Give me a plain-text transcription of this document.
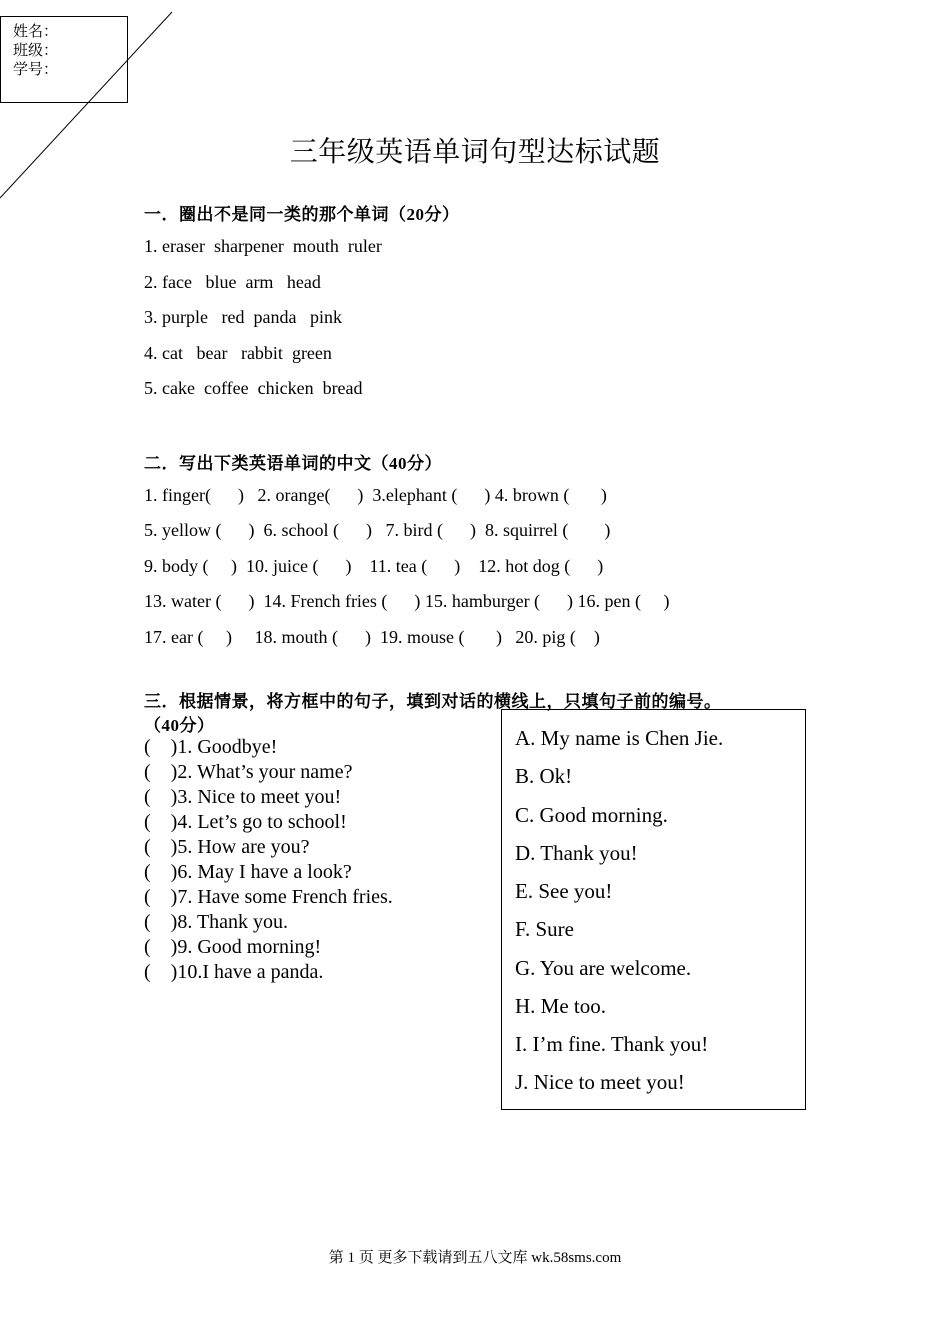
姓名：
班级：
学号：
三年级英语单词句型达标试题
一．圈出不是同一类的那个单词（20分）
1. eraser  sharpener  mouth  ruler
2. face   blue  arm   head
3. purple   red  panda   pink
4. cat   bear   rabbit  green
5. cake  coffee  chicken  bread
二．写出下类英语单词的中文（40分）
1. finger(      )   2. orange(      )  3.elephant (      ) 4. brown (       )
5. yellow (      )  6. school (      )   7. bird (      )  8. squirrel (        )
9. body (     )  10. juice (      )    11. tea (      )    12. hot dog (      )
13. water (      )  14. French fries (      ) 15. hamburger (      ) 16. pen (     )
17. ear (     )     18. mouth (      )  19. mouse (       )   20. pig (    )
三．根据情景，将方框中的句子，填到对话的横线上，只填句子前的编号。
（40分）
(    )1. Goodbye!
(    )2. What’s your name?
(    )3. Nice to meet you!
(    )4. Let’s go to school!
(    )5. How are you?
(    )6. May I have a look?
(    )7. Have some French fries.
(    )8. Thank you.
(    )9. Good morning!
(    )10.I have a panda.
A. My name is Chen Jie.
B. Ok!
C. Good morning.
D. Thank you!
E. See you!
F. Sure
G. You are welcome.
H. Me too.
I. I’m fine. Thank you!
J. Nice to meet you!
第 1 页 更多下载请到五八文库 wk.58sms.com
